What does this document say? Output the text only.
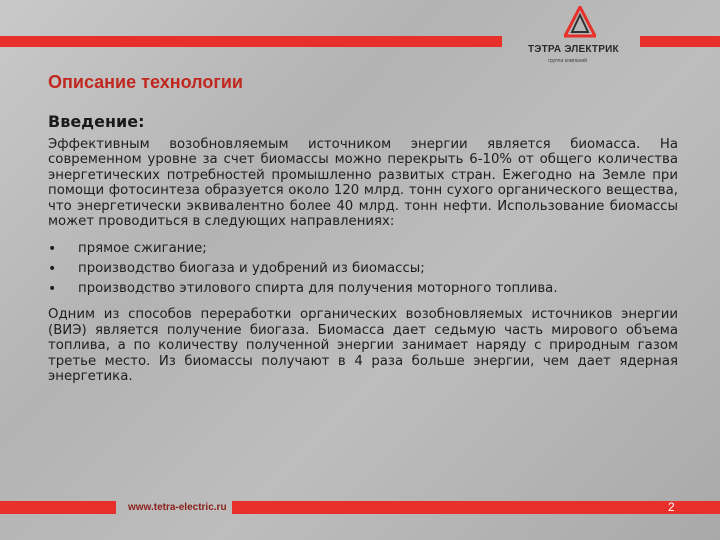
ТЭТРА ЭЛЕКТРИК
группа компаний
Описание технологии
Введение:

Эффективным возобновляемым источником энергии является биомасса. На современном уровне за счет биомассы можно перекрыть 6-10% от общего количества энергетических потребностей промышленно развитых стран. Ежегодно на Земле при помощи фотосинтеза образуется около 120 млрд. тонн сухого органического вещества, что энергетически эквивалентно более 40 млрд. тонн нефти. Использование биомассы может проводиться в следующих направлениях:

• прямое сжигание;
• производство биогаза и удобрений из биомассы;
• производство этилового спирта для получения моторного топлива.

Одним из способов переработки органических возобновляемых источников энергии (ВИЭ) является получение биогаза. Биомасса дает седьмую часть мирового объема топлива, а по количеству полученной энергии занимает наряду с природным газом третье место. Из биомассы получают в 4 раза больше энергии, чем дает ядерная энергетика.

www.tetra-electric.ru	2
